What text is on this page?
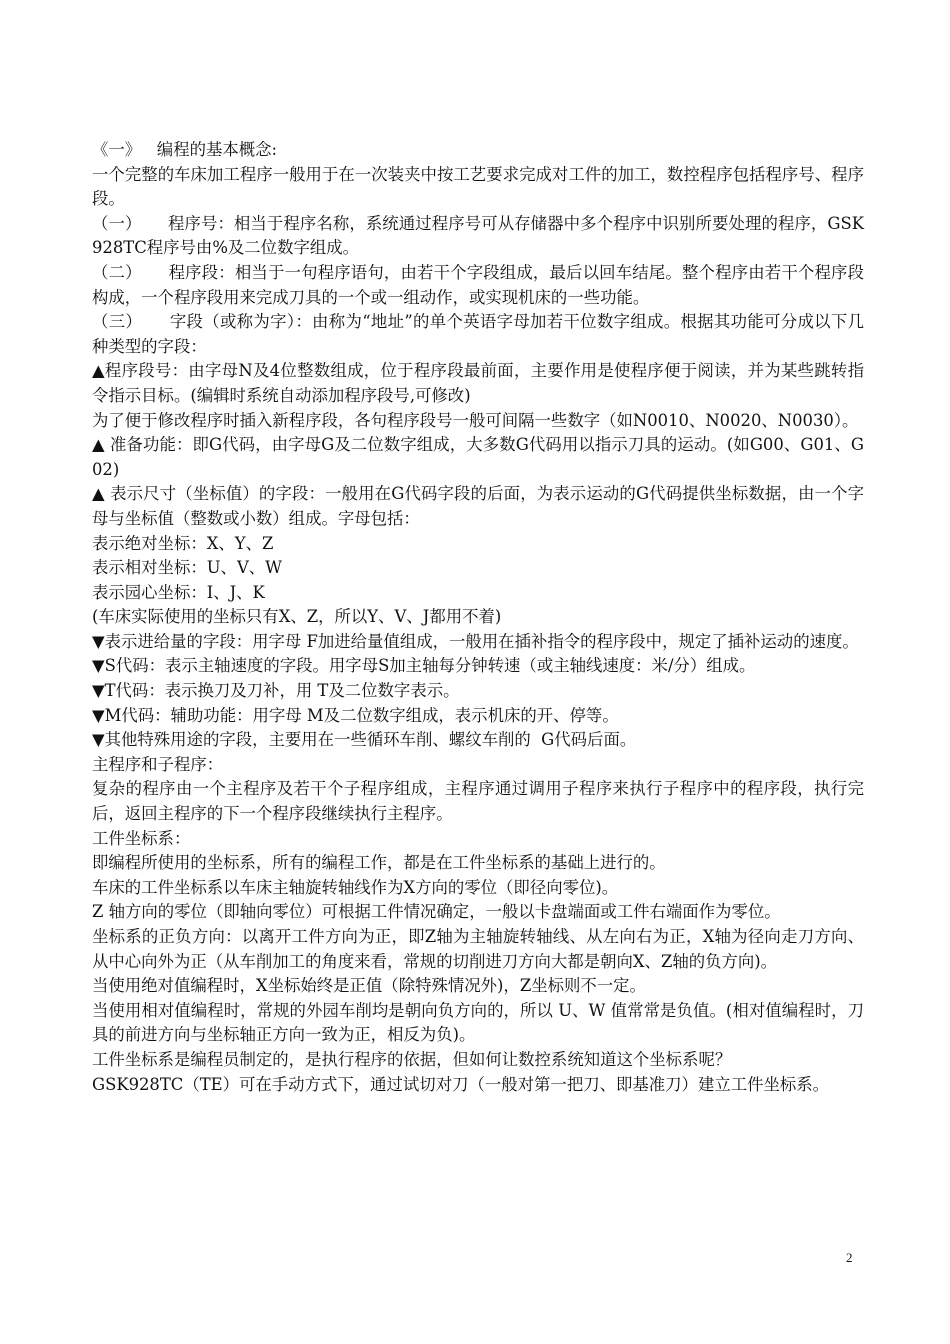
《一》   编程的基本概念:

一个完整的车床加工程序一般用于在一次装夹中按工艺要求完成对工件的加工，数控程序包括程序号、程序段。

（一）     程序号：相当于程序名称，系统通过程序号可从存储器中多个程序中识别所要处理的程序，GSK928TC程序号由%及二位数字组成。

（二）     程序段：相当于一句程序语句，由若干个字段组成，最后以回车结尾。整个程序由若干个程序段构成，一个程序段用来完成刀具的一个或一组动作，或实现机床的一些功能。

（三）     字段（或称为字）：由称为“地址”的单个英语字母加若干位数字组成。根据其功能可分成以下几种类型的字段：

▲程序段号：由字母N及4位整数组成，位于程序段最前面，主要作用是使程序便于阅读，并为某些跳转指令指示目标。(编辑时系统自动添加程序段号,可修改)

为了便于修改程序时插入新程序段，各句程序段号一般可间隔一些数字（如N0010、N0020、N0030）。

▲ 准备功能：即G代码，由字母G及二位数字组成，大多数G代码用以指示刀具的运动。(如G00、G01、G02)

▲ 表示尺寸（坐标值）的字段：一般用在G代码字段的后面，为表示运动的G代码提供坐标数据，由一个字母与坐标值（整数或小数）组成。字母包括：

表示绝对坐标：X、Y、Z

表示相对坐标：U、V、W

表示园心坐标：I、J、K

(车床实际使用的坐标只有X、Z，所以Y、V、J都用不着)

▼表示进给量的字段：用字母 F加进给量值组成，一般用在插补指令的程序段中，规定了插补运动的速度。

▼S代码：表示主轴速度的字段。用字母S加主轴每分钟转速（或主轴线速度：米/分）组成。

▼T代码：表示换刀及刀补，用 T及二位数字表示。

▼M代码：辅助功能：用字母 M及二位数字组成，表示机床的开、停等。

▼其他特殊用途的字段，主要用在一些循环车削、螺纹车削的  G代码后面。

主程序和子程序：

复杂的程序由一个主程序及若干个子程序组成，主程序通过调用子程序来执行子程序中的程序段，执行完后，返回主程序的下一个程序段继续执行主程序。

工件坐标系：

即编程所使用的坐标系，所有的编程工作，都是在工件坐标系的基础上进行的。

车床的工件坐标系以车床主轴旋转轴线作为X方向的零位（即径向零位)。

Z 轴方向的零位（即轴向零位）可根据工件情况确定，一般以卡盘端面或工件右端面作为零位。

坐标系的正负方向：以离开工件方向为正，即Z轴为主轴旋转轴线、从左向右为正，X轴为径向走刀方向、从中心向外为正（从车削加工的角度来看，常规的切削进刀方向大都是朝向X、Z轴的负方向)。

当使用绝对值编程时，X坐标始终是正值（除特殊情况外)，Z坐标则不一定。

当使用相对值编程时，常规的外园车削均是朝向负方向的，所以 U、W 值常常是负值。(相对值编程时，刀具的前进方向与坐标轴正方向一致为正，相反为负)。

工件坐标系是编程员制定的，是执行程序的依据，但如何让数控系统知道这个坐标系呢？

GSK928TC（TE）可在手动方式下，通过试切对刀（一般对第一把刀、即基准刀）建立工件坐标系。

2
